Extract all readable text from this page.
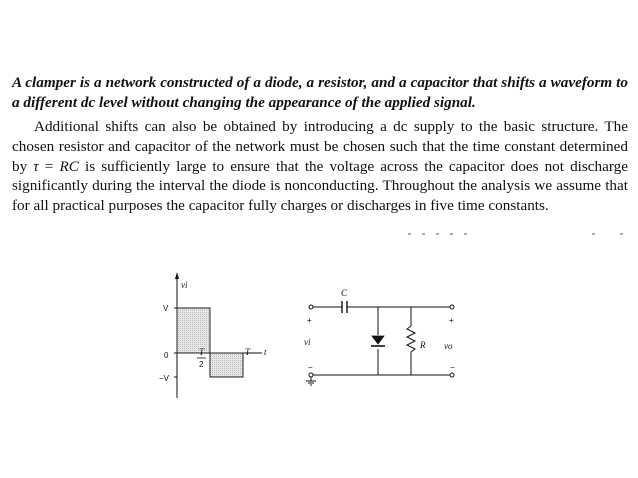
A clamper is a network constructed of a diode, a resistor, and a capacitor that shifts a waveform to a different dc level without changing the appearance of the applied signal.

Additional shifts can also be obtained by introducing a dc supply to the basic structure. The chosen resistor and capacitor of the network must be chosen such that the time constant determined by τ = RC is sufficiently large to ensure that the voltage across the capacitor does not discharge significantly during the interval the diode is nonconducting. Throughout the analysis we assume that for all practical purposes the capacitor fully charges or discharges in five time constants.

vi
V
0
−V
T
2
T t
C
R
vi	vo
+
−
+
−
